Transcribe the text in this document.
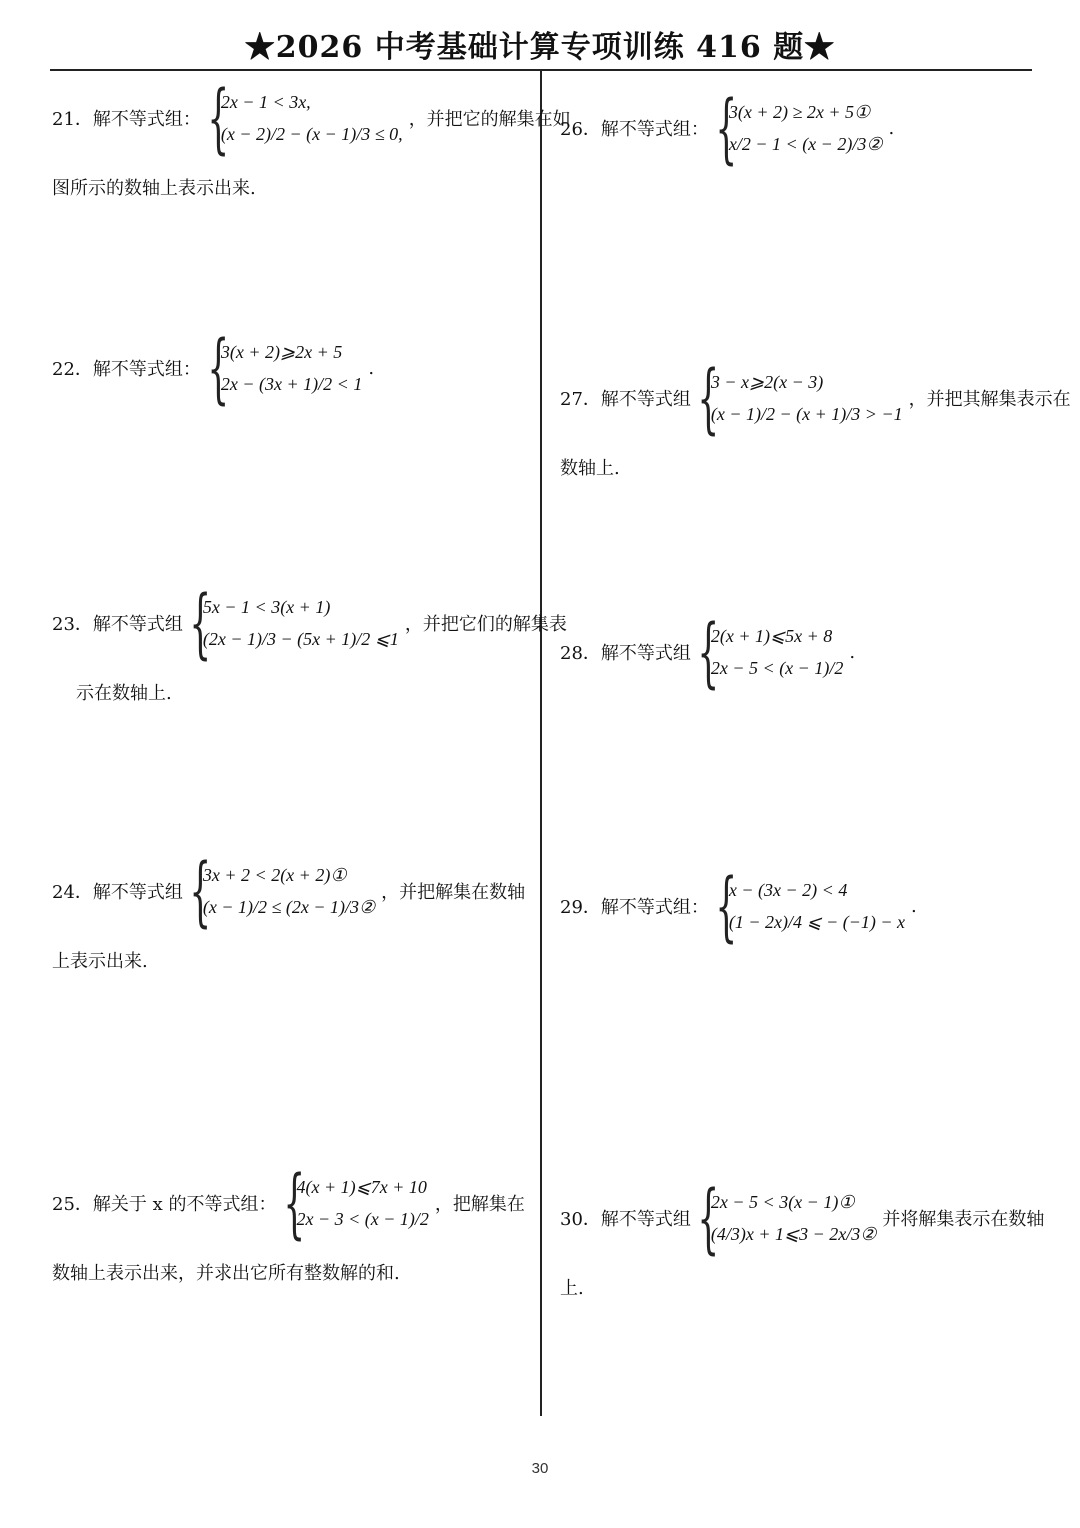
★2026 中考基础计算专项训练 416 题★
21．解不等式组： {
2x − 1 < 3x,
(x − 2)/2 − (x − 1)/3 ≤ 0,
，并把它的解集在如
图所示的数轴上表示出来.
22．解不等式组： {
3(x + 2)⩾2x + 5
2x − (3x + 1)/2 < 1
.
23．解不等式组 {
5x − 1 < 3(x + 1)
(2x − 1)/3 − (5x + 1)/2 ⩽1
，并把它们的解集表
示在数轴上.
24．解不等式组 {
3x + 2 < 2(x + 2)①
(x − 1)/2 ≤ (2x − 1)/3②
，并把解集在数轴
上表示出来.
25．解关于 x 的不等式组： {
4(x + 1)⩽7x + 10
2x − 3 < (x − 1)/2
，把解集在
数轴上表示出来，并求出它所有整数解的和.
26．解不等式组： {
3(x + 2) ≥ 2x + 5①
x/2 − 1 < (x − 2)/3②
.
27．解不等式组 {
3 − x⩾2(x − 3)
(x − 1)/2 − (x + 1)/3 > −1
，并把其解集表示在
数轴上.
28．解不等式组 {
2(x + 1)⩽5x + 8
2x − 5 < (x − 1)/2
.
29．解不等式组： {
x − (3x − 2) < 4
(1 − 2x)/4 ⩽ − (−1) − x
.
30．解不等式组 {
2x − 5 < 3(x − 1)①
(4/3)x + 1⩽3 − 2x/3②
并将解集表示在数轴
上.
30
